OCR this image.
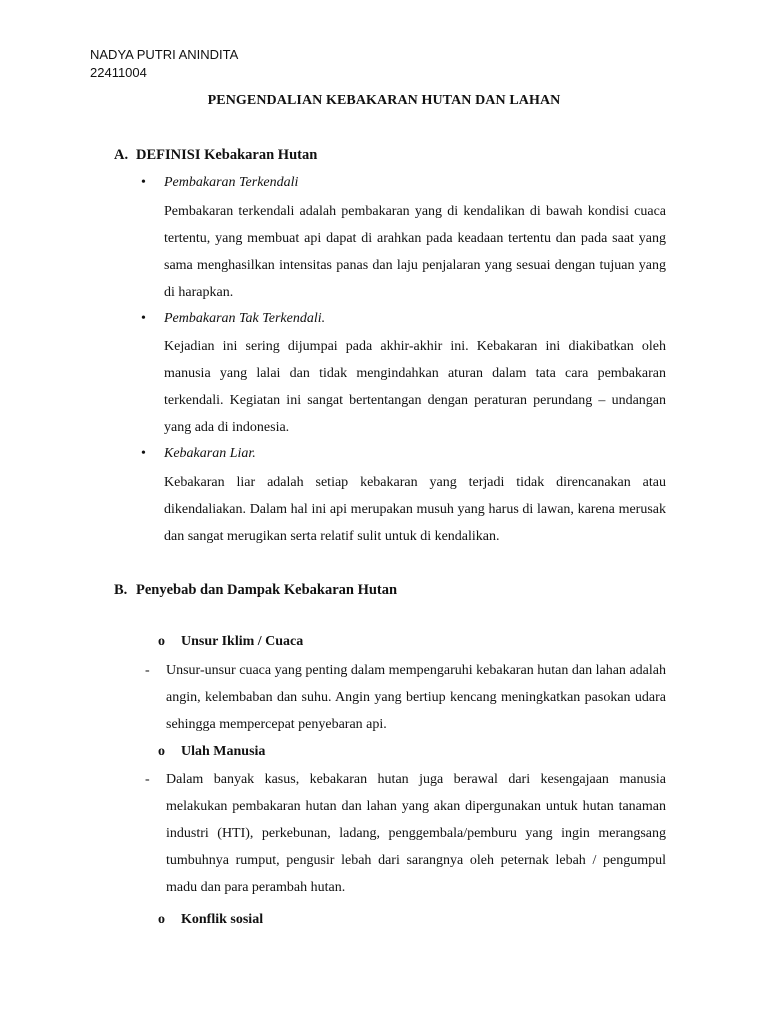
NADYA PUTRI ANINDITA
22411004
PENGENDALIAN KEBAKARAN HUTAN DAN LAHAN
A. DEFINISI Kebakaran Hutan
• Pembakaran Terkendali
Pembakaran terkendali adalah pembakaran yang di kendalikan di bawah kondisi cuaca tertentu, yang membuat api dapat di arahkan pada keadaan tertentu dan pada saat yang sama menghasilkan intensitas panas dan laju penjalaran yang sesuai dengan tujuan yang di harapkan.
• Pembakaran Tak Terkendali.
Kejadian ini sering dijumpai pada akhir-akhir ini. Kebakaran ini diakibatkan oleh manusia yang lalai dan tidak mengindahkan aturan dalam tata cara pembakaran terkendali. Kegiatan ini sangat bertentangan dengan peraturan perundang – undangan yang ada di indonesia.
• Kebakaran Liar.
Kebakaran liar adalah setiap kebakaran yang terjadi tidak direncanakan atau dikendaliakan. Dalam hal ini api merupakan musuh yang harus di lawan, karena merusak dan sangat merugikan serta relatif sulit untuk di kendalikan.
B. Penyebab dan Dampak Kebakaran Hutan
o Unsur Iklim / Cuaca
- Unsur-unsur cuaca yang penting dalam mempengaruhi kebakaran hutan dan lahan adalah angin, kelembaban dan suhu. Angin yang bertiup kencang meningkatkan pasokan udara sehingga mempercepat penyebaran api.
o Ulah Manusia
- Dalam banyak kasus, kebakaran hutan juga berawal dari kesengajaan manusia melakukan pembakaran hutan dan lahan yang akan dipergunakan untuk hutan tanaman industri (HTI), perkebunan, ladang, penggembala/pemburu yang ingin merangsang tumbuhnya rumput, pengusir lebah dari sarangnya oleh peternak lebah / pengumpul madu dan para perambah hutan.
o Konflik sosial
